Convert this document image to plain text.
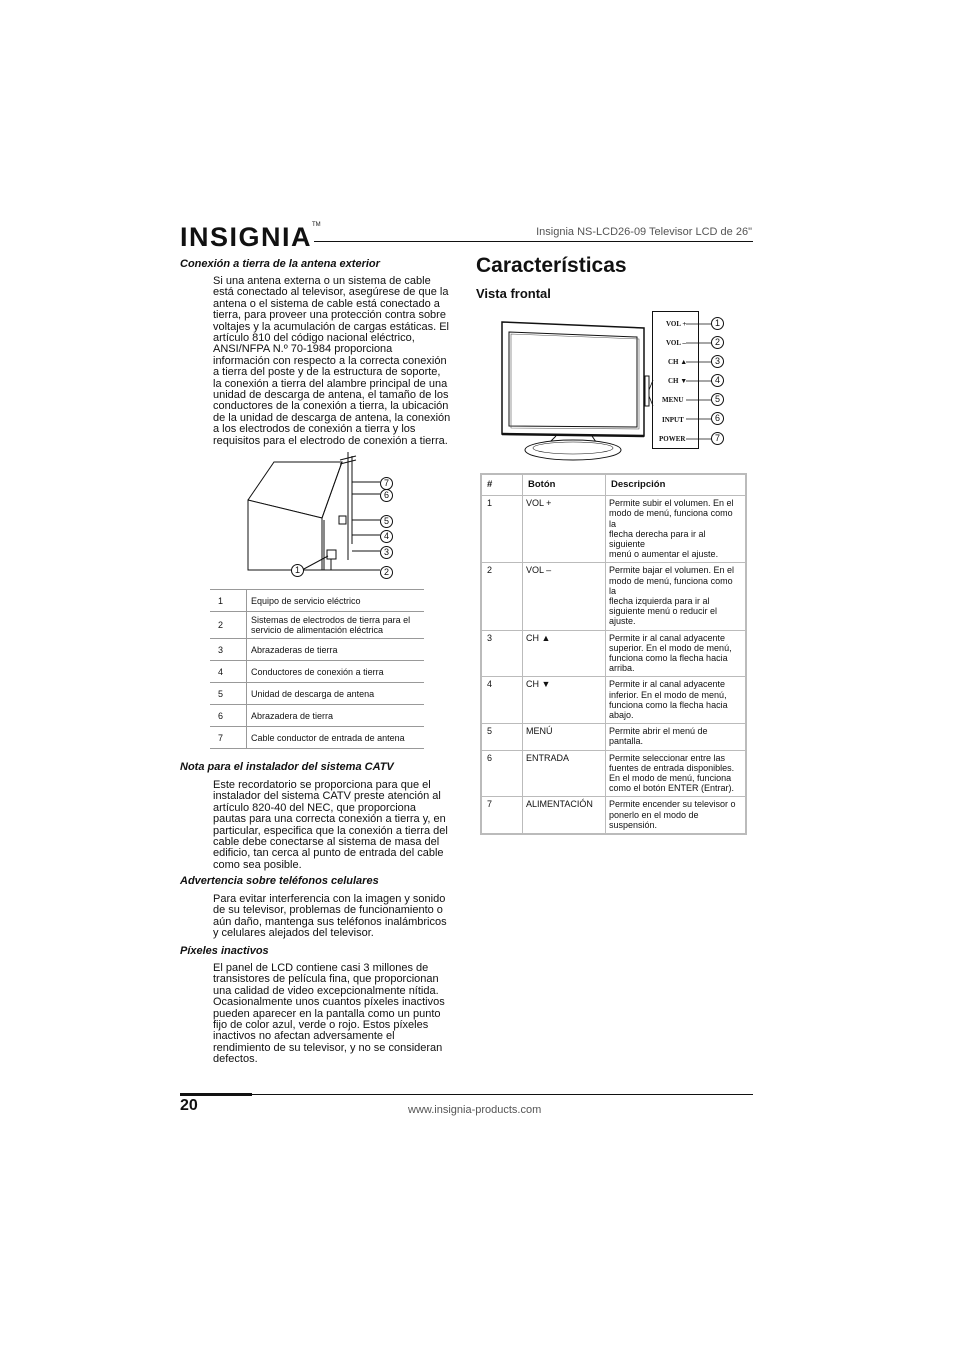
INSIGNIA™
Insignia NS-LCD26-09 Televisor LCD de 26"
Conexión a tierra de la antena exterior
Si una antena externa o un sistema de cable
está conectado al televisor, asegúrese de que la
antena o el sistema de cable está conectado a
tierra, para proveer una protección contra sobre
voltajes y la acumulación de cargas estáticas. El
artículo 810 del código nacional eléctrico,
ANSI/NFPA N.º 70-1984 proporciona
información con respecto a la correcta conexión
a tierra del poste y de la estructura de soporte,
la conexión a tierra del alambre principal de una
unidad de descarga de antena, el tamaño de los
conductores de la conexión a tierra, la ubicación
de la unidad de descarga de antena, la conexión
a los electrodos de conexión a tierra y los
requisitos para el electrodo de conexión a tierra.
1	2
3
4
5
6
7
1	Equipo de servicio eléctrico
2	Sistemas de electrodos de tierra para el servicio de alimentación eléctrica
3	Abrazaderas de tierra
4	Conductores de conexión a tierra
5	Unidad de descarga de antena
6	Abrazadera de tierra
7	Cable conductor de entrada de antena
Nota para el instalador del sistema CATV
Este recordatorio se proporciona para que el
instalador del sistema CATV preste atención al
artículo 820-40 del NEC, que proporciona
pautas para una correcta conexión a tierra y, en
particular, especifica que la conexión a tierra del
cable debe conectarse al sistema de masa del
edificio, tan cerca al punto de entrada del cable
como sea posible.
Advertencia sobre teléfonos celulares
Para evitar interferencia con la imagen y sonido
de su televisor, problemas de funcionamiento o
aún daño, mantenga sus teléfonos inalámbricos
y celulares alejados del televisor.
Píxeles inactivos
El panel de LCD contiene casi 3 millones de
transistores de película fina, que proporcionan
una calidad de video excepcionalmente nítida.
Ocasionalmente unos cuantos píxeles inactivos
pueden aparecer en la pantalla como un punto
fijo de color azul, verde o rojo. Estos píxeles
inactivos no afectan adversamente el
rendimiento de su televisor, y no se consideran
defectos.
Características
Vista frontal
VOL +
VOL –
CH ▲
CH ▼
MENU
INPUT
POWER
1
2
3
4
5
6
7
#	Botón	Descripción
1	VOL +	Permite subir el volumen. En el
modo de menú, funciona como la
flecha derecha para ir al siguiente
menú o aumentar el ajuste.

2	VOL –	Permite bajar el volumen. En el
modo de menú, funciona como la
flecha izquierda para ir al
siguiente menú o reducir el
ajuste.

3	CH ▲	Permite ir al canal adyacente
superior. En el modo de menú,
funciona como la flecha hacia
arriba.

4	CH ▼	Permite ir al canal adyacente
inferior. En el modo de menú,
funciona como la flecha hacia
abajo.

5	MENÚ	Permite abrir el menú de pantalla.

6	ENTRADA	Permite seleccionar entre las
fuentes de entrada disponibles.
En el modo de menú, funciona
como el botón ENTER (Entrar).

7	ALIMENTACIÓN	Permite encender su televisor o
ponerlo en el modo de
suspensión.
20	www.insignia-products.com
